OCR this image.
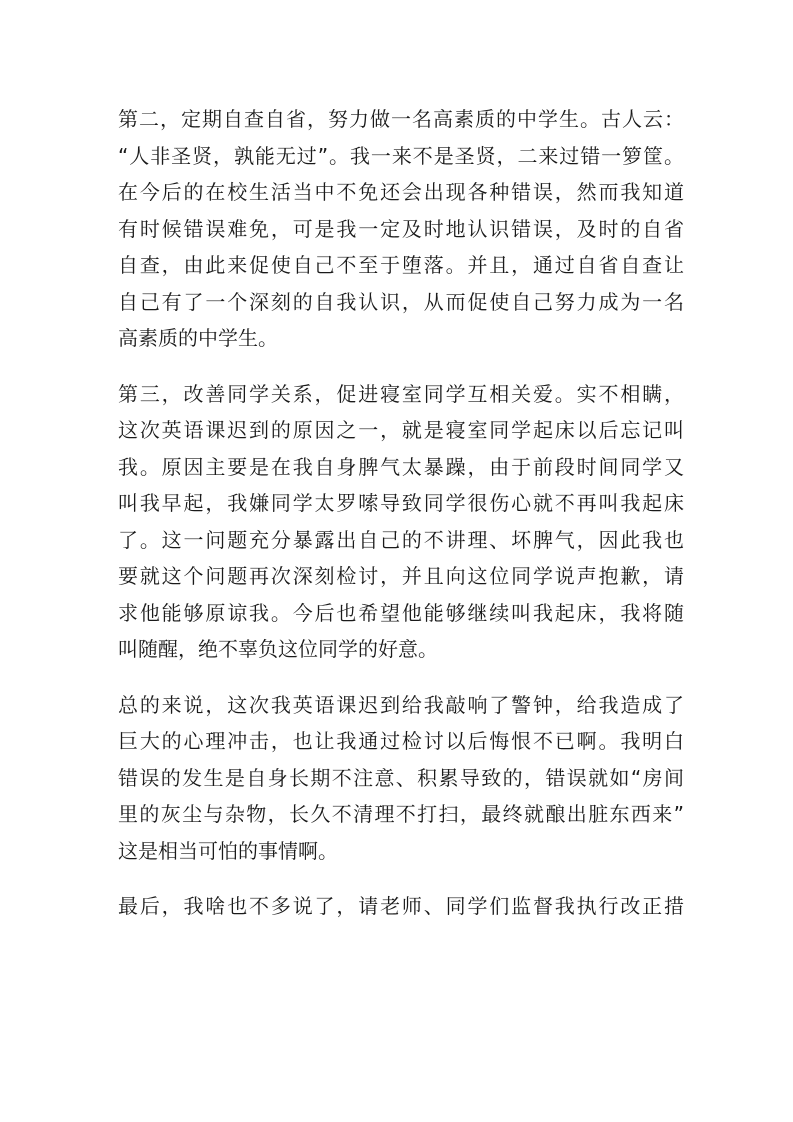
第二，定期自查自省，努力做一名高素质的中学生。古人云：
“人非圣贤，孰能无过”。我一来不是圣贤，二来过错一箩筐。
在今后的在校生活当中不免还会出现各种错误，然而我知道
有时候错误难免，可是我一定及时地认识错误，及时的自省
自查，由此来促使自己不至于堕落。并且，通过自省自查让
自己有了一个深刻的自我认识，从而促使自己努力成为一名
高素质的中学生。

第三，改善同学关系，促进寝室同学互相关爱。实不相瞒，
这次英语课迟到的原因之一，就是寝室同学起床以后忘记叫
我。原因主要是在我自身脾气太暴躁，由于前段时间同学又
叫我早起，我嫌同学太罗嗦导致同学很伤心就不再叫我起床
了。这一问题充分暴露出自己的不讲理、坏脾气，因此我也
要就这个问题再次深刻检讨，并且向这位同学说声抱歉，请
求他能够原谅我。今后也希望他能够继续叫我起床，我将随
叫随醒，绝不辜负这位同学的好意。

总的来说，这次我英语课迟到给我敲响了警钟，给我造成了
巨大的心理冲击，也让我通过检讨以后悔恨不已啊。我明白
错误的发生是自身长期不注意、积累导致的，错误就如“房间
里的灰尘与杂物，长久不清理不打扫，最终就酿出脏东西来”
这是相当可怕的事情啊。

最后，我啥也不多说了，请老师、同学们监督我执行改正措
